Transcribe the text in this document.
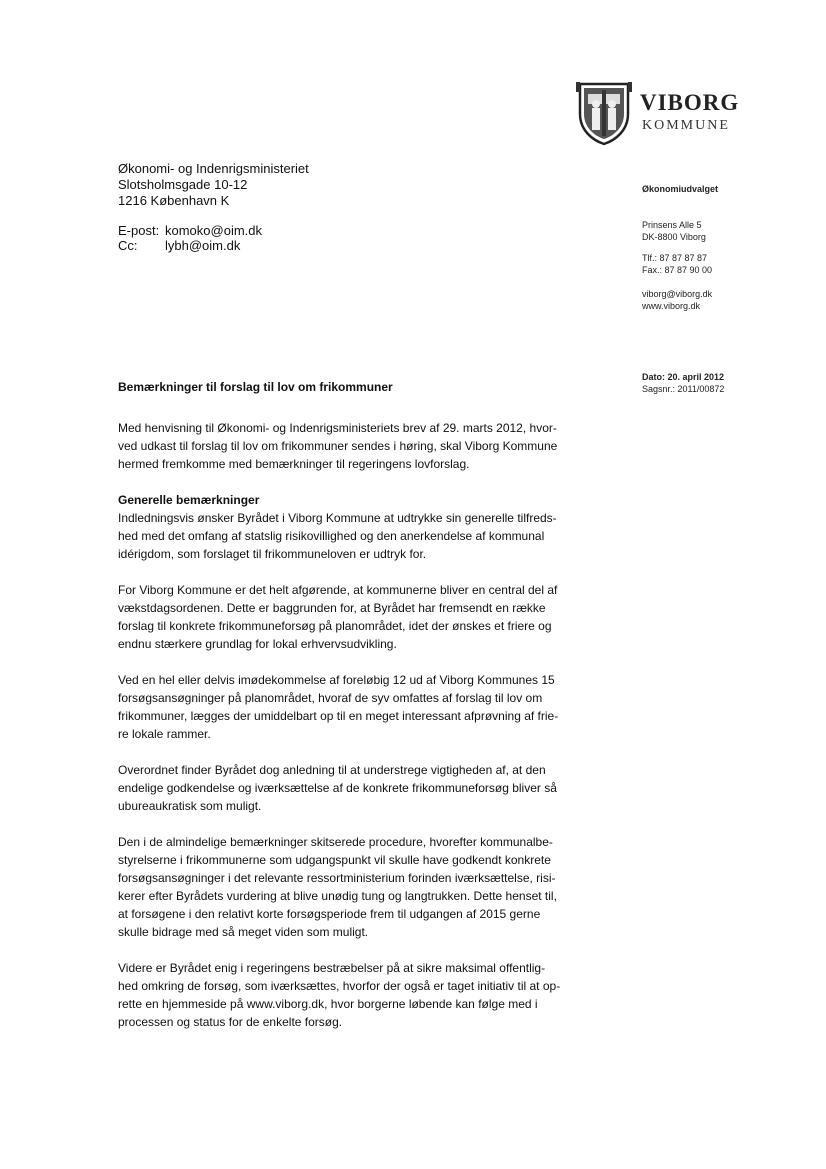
VIBORG
KOMMUNE
Økonomi- og Indenrigsministeriet
Slotsholmsgade 10-12
1216 København K
E-post: komoko@oim.dk
Cc: lybh@oim.dk
Økonomiudvalget
Prinsens Alle 5
DK-8800 Viborg
Tlf.: 87 87 87 87
Fax.: 87 87 90 00
viborg@viborg.dk
www.viborg.dk
Dato: 20. april 2012
Sagsnr.: 2011/00872
Bemærkninger til forslag til lov om frikommuner
Med henvisning til Økonomi- og Indenrigsministeriets brev af 29. marts 2012, hvor-
ved udkast til forslag til lov om frikommuner sendes i høring, skal Viborg Kommune
hermed fremkomme med bemærkninger til regeringens lovforslag.
Generelle bemærkninger
Indledningsvis ønsker Byrådet i Viborg Kommune at udtrykke sin generelle tilfreds-
hed med det omfang af statslig risikovillighed og den anerkendelse af kommunal
idérigdom, som forslaget til frikommuneloven er udtryk for.
For Viborg Kommune er det helt afgørende, at kommunerne bliver en central del af
vækstdagsordenen. Dette er baggrunden for, at Byrådet har fremsendt en række
forslag til konkrete frikommuneforsøg på planområdet, idet der ønskes et friere og
endnu stærkere grundlag for lokal erhvervsudvikling.
Ved en hel eller delvis imødekommelse af foreløbig 12 ud af Viborg Kommunes 15
forsøgsansøgninger på planområdet, hvoraf de syv omfattes af forslag til lov om
frikommuner, lægges der umiddelbart op til en meget interessant afprøvning af frie-
re lokale rammer.
Overordnet finder Byrådet dog anledning til at understrege vigtigheden af, at den
endelige godkendelse og iværksættelse af de konkrete frikommuneforsøg bliver så
ubureaukratisk som muligt.
Den i de almindelige bemærkninger skitserede procedure, hvorefter kommunalbe-
styrelserne i frikommunerne som udgangspunkt vil skulle have godkendt konkrete
forsøgsansøgninger i det relevante ressortministerium forinden iværksættelse, risi-
kerer efter Byrådets vurdering at blive unødig tung og langtrukken. Dette henset til,
at forsøgene i den relativt korte forsøgsperiode frem til udgangen af 2015 gerne
skulle bidrage med så meget viden som muligt.
Videre er Byrådet enig i regeringens bestræbelser på at sikre maksimal offentlig-
hed omkring de forsøg, som iværksættes, hvorfor der også er taget initiativ til at op-
rette en hjemmeside på www.viborg.dk, hvor borgerne løbende kan følge med i
processen og status for de enkelte forsøg.
